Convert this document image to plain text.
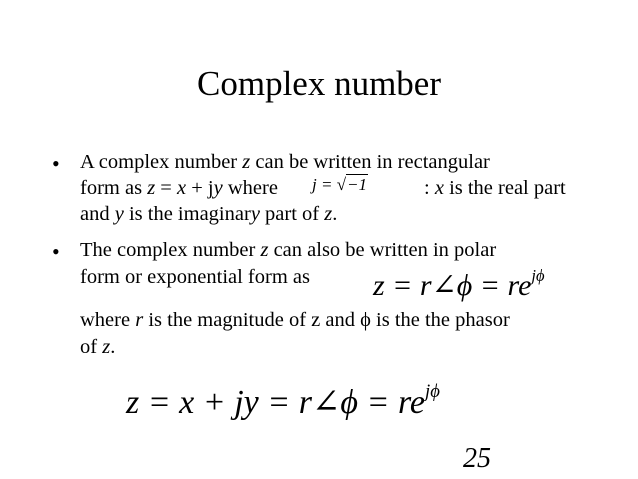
Complex number
• A complex number z can be written in rectangular
form as z = x + jy where j = √−1	: x is the real part
and y is the imaginary part of z.
• The complex number z can also be written in polar
form or exponential form as z = r∠ϕ = $re^{j\phi}$
where r is the magnitude of z and ϕ is the the phasor
of z.
z = x + jy = r∠ϕ = $re^{j\phi}$
25
